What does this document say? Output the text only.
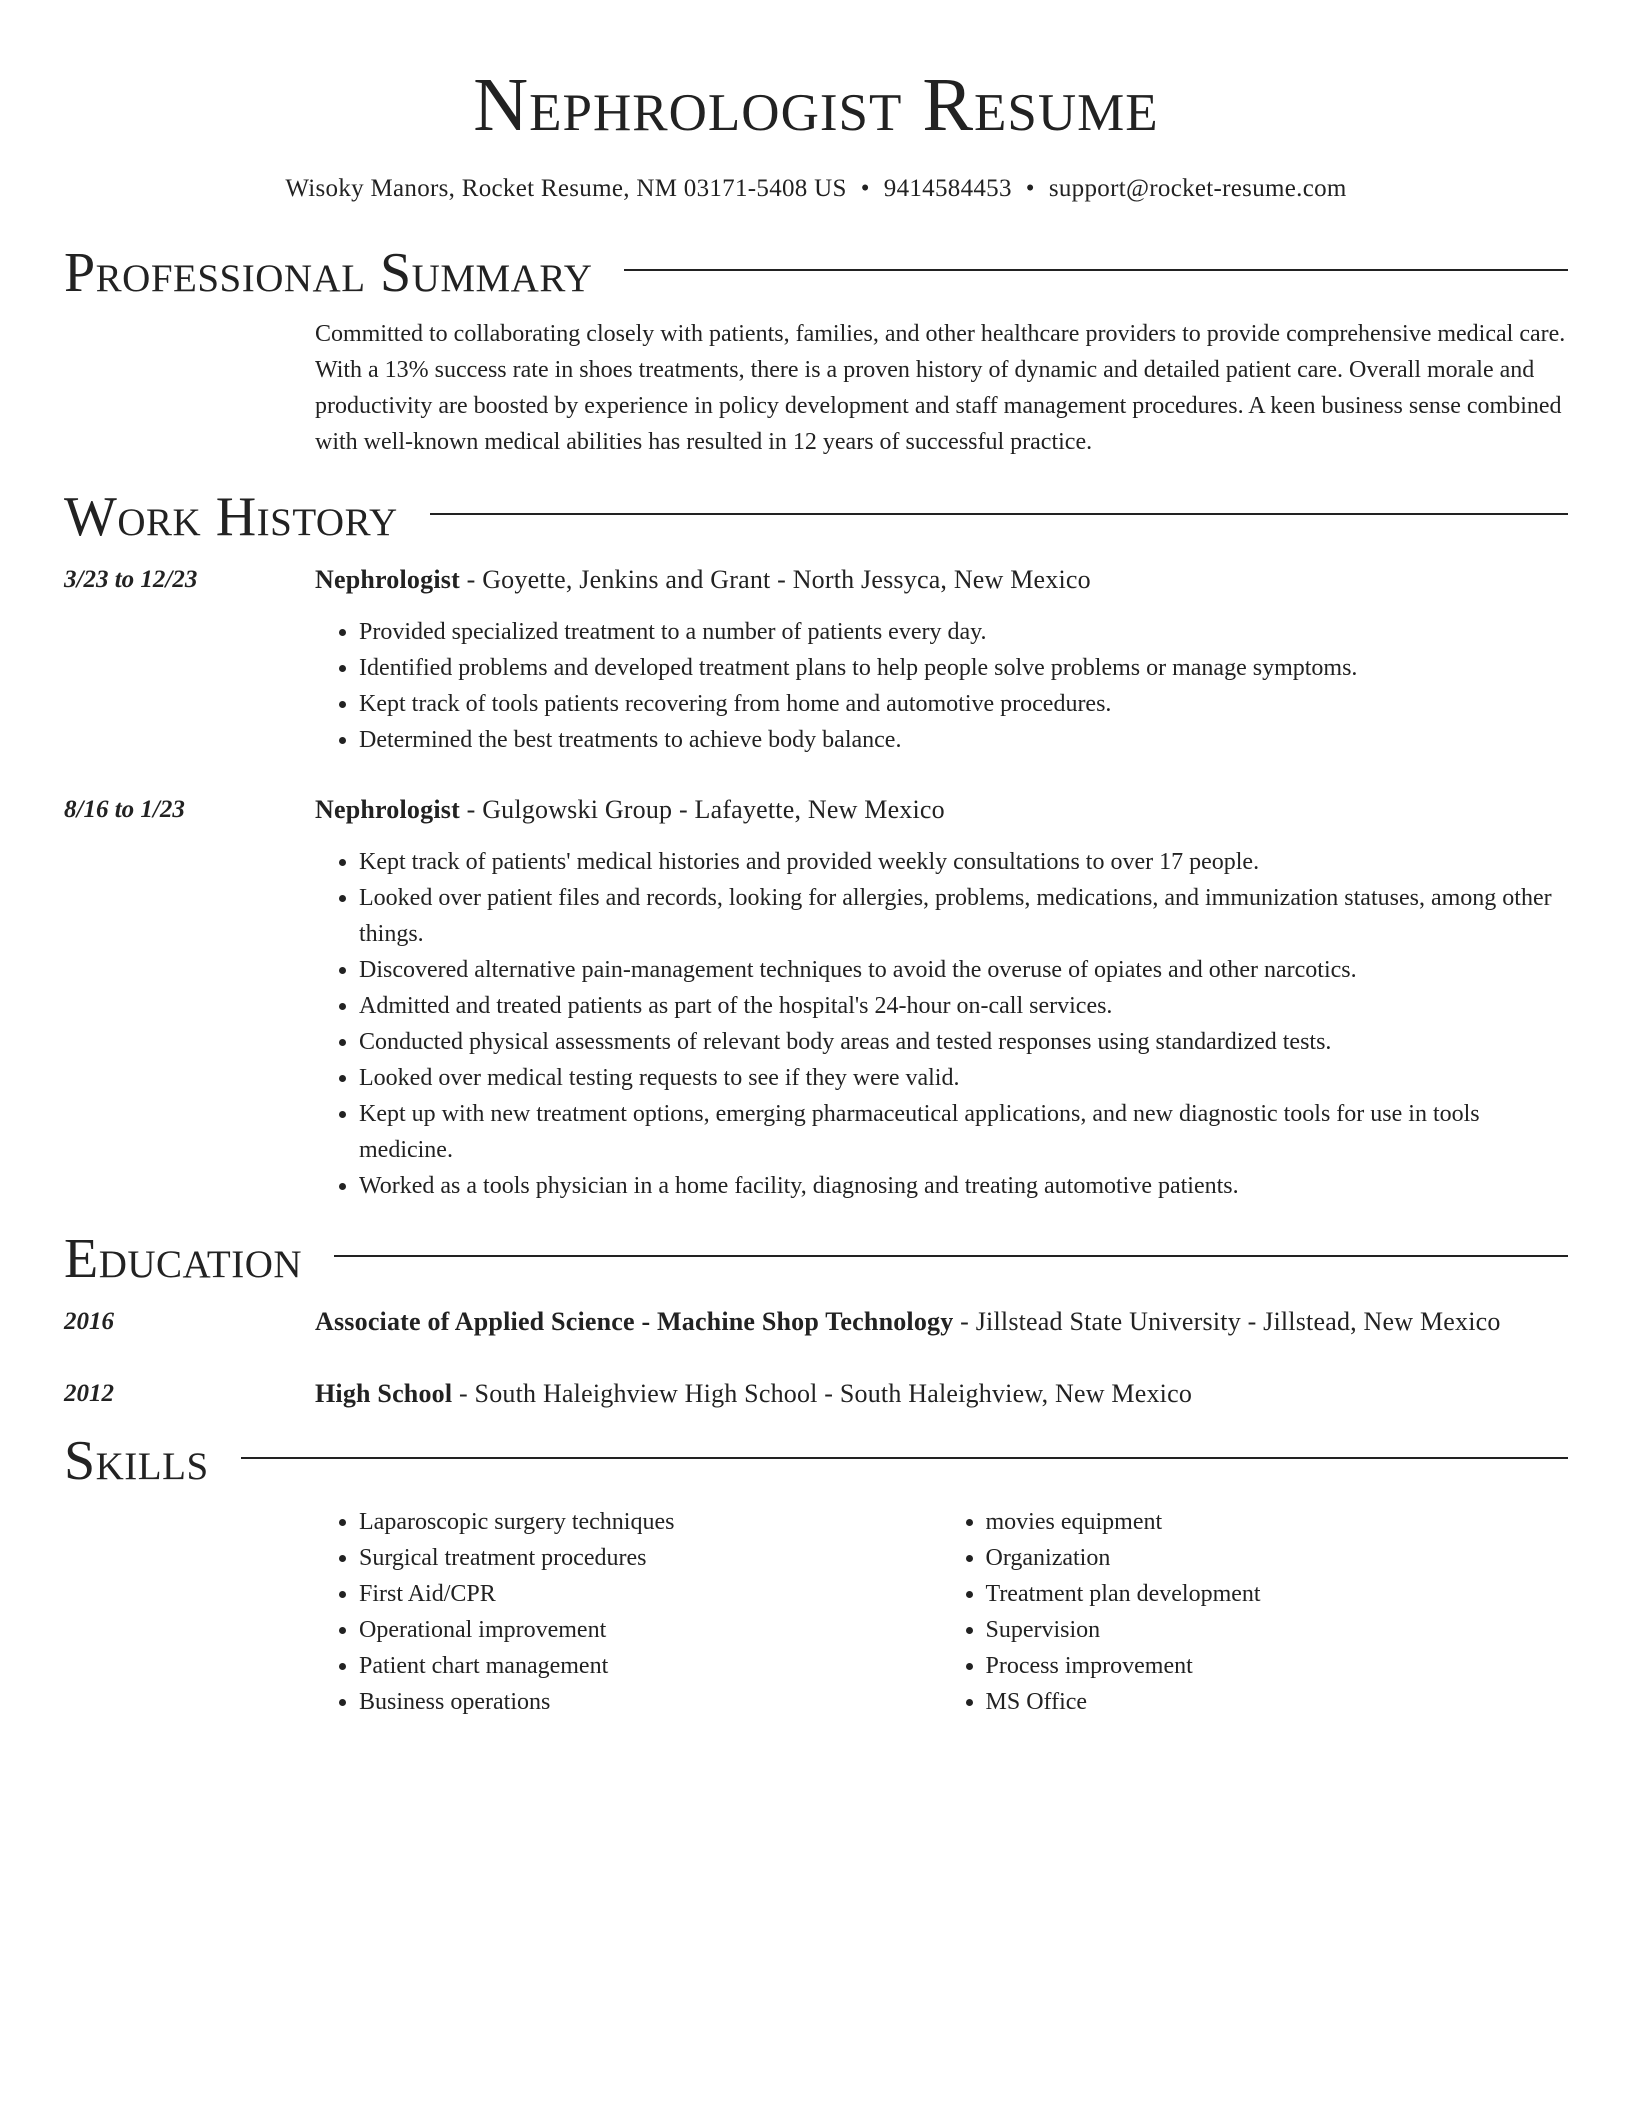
Nephrologist Resume
Wisoky Manors, Rocket Resume, NM 03171-5408 US • 9414584453 • support@rocket-resume.com
Professional Summary

Committed to collaborating closely with patients, families, and other healthcare providers to provide comprehensive medical care. With a 13% success rate in shoes treatments, there is a proven history of dynamic and detailed patient care. Overall morale and productivity are boosted by experience in policy development and staff management procedures. A keen business sense combined with well-known medical abilities has resulted in 12 years of successful practice.

Work History
3/23 to 12/23	Nephrologist - Goyette, Jenkins and Grant - North Jessyca, New Mexico
• Provided specialized treatment to a number of patients every day.
• Identified problems and developed treatment plans to help people solve problems or manage symptoms.
• Kept track of tools patients recovering from home and automotive procedures.
• Determined the best treatments to achieve body balance.
8/16 to 1/23	Nephrologist - Gulgowski Group - Lafayette, New Mexico
• Kept track of patients' medical histories and provided weekly consultations to over 17 people.
• Looked over patient files and records, looking for allergies, problems, medications, and immunization statuses, among other things.
• Discovered alternative pain-management techniques to avoid the overuse of opiates and other narcotics.
• Admitted and treated patients as part of the hospital's 24-hour on-call services.
• Conducted physical assessments of relevant body areas and tested responses using standardized tests.
• Looked over medical testing requests to see if they were valid.
• Kept up with new treatment options, emerging pharmaceutical applications, and new diagnostic tools for use in tools medicine.
• Worked as a tools physician in a home facility, diagnosing and treating automotive patients.
Education
2016	Associate of Applied Science - Machine Shop Technology - Jillstead State University - Jillstead, New Mexico
2012	High School - South Haleighview High School - South Haleighview, New Mexico
Skills
• Laparoscopic surgery techniques
• Surgical treatment procedures
• First Aid/CPR
• Operational improvement
• Patient chart management
• Business operations
• movies equipment
• Organization
• Treatment plan development
• Supervision
• Process improvement
• MS Office
